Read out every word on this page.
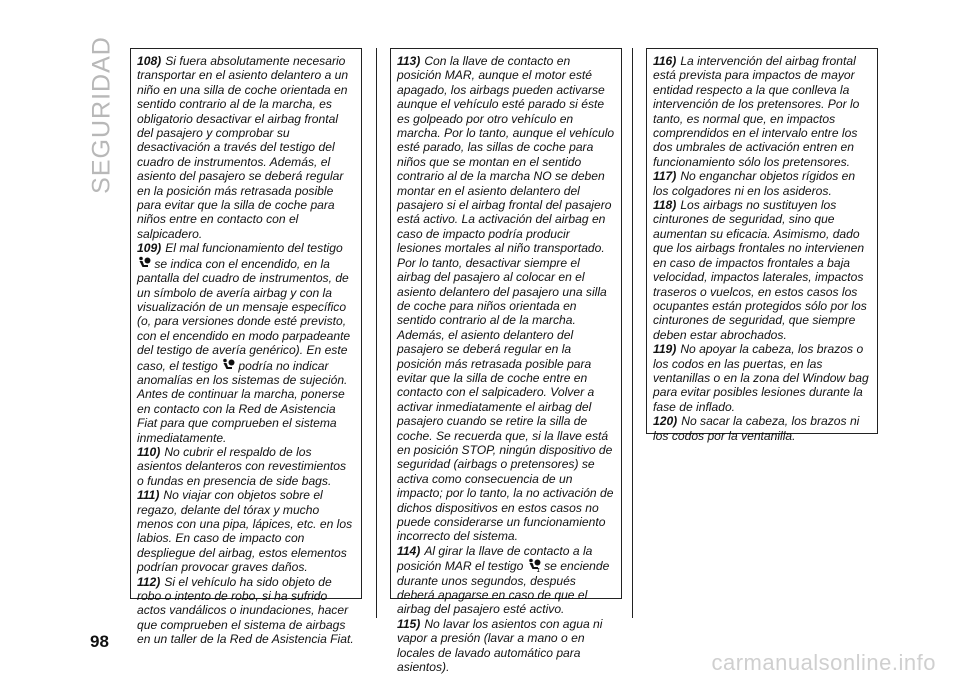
SEGURIDAD 108) Si fuera absolutamente necesario transportar en el asiento delantero a un niño en una silla de coche orientada en sentido contrario al de la marcha, es obligatorio desactivar el airbag frontal del pasajero y comprobar su desactivación a través del testigo del cuadro de instrumentos. Además, el asiento del pasajero se deberá regular en la posición más retrasada posible para evitar que la silla de coche para niños entre en contacto con el salpicadero.

109) El mal funcionamiento del testigo  se indica con el encendido, en la pantalla del cuadro de instrumentos, de un símbolo de avería airbag y con la visualización de un mensaje específico (o, para versiones donde esté previsto, con el encendido en modo parpadeante del testigo de avería genérico). En este caso, el testigo podría no indicar anomalías en los sistemas de sujeción. Antes de continuar la marcha, ponerse en contacto con la Red de Asistencia Fiat para que comprueben el sistema inmediatamente.

110) No cubrir el respaldo de los asientos delanteros con revestimientos o fundas en presencia de side bags.

111) No viajar con objetos sobre el regazo, delante del tórax y mucho menos con una pipa, lápices, etc. en los labios. En caso de impacto con despliegue del airbag, estos elementos podrían provocar graves daños.

112) Si el vehículo ha sido objeto de robo o intento de robo, si ha sufrido actos vandálicos o inundaciones, hacer que comprueben el sistema de airbags en un taller de la Red de Asistencia Fiat.

113) Con la llave de contacto en posición MAR, aunque el motor esté apagado, los airbags pueden activarse aunque el vehículo esté parado si éste es golpeado por otro vehículo en marcha. Por lo tanto, aunque el vehículo esté parado, las sillas de coche para niños que se montan en el sentido contrario al de la marcha NO se deben montar en el asiento delantero del pasajero si el airbag frontal del pasajero está activo. La activación del airbag en caso de impacto podría producir lesiones mortales al niño transportado. Por lo tanto, desactivar siempre el airbag del pasajero al colocar en el asiento delantero del pasajero una silla de coche para niños orientada en sentido contrario al de la marcha. Además, el asiento delantero del pasajero se deberá regular en la posición más retrasada posible para evitar que la silla de coche entre en contacto con el salpicadero. Volver a activar inmediatamente el airbag del pasajero cuando se retire la silla de coche. Se recuerda que, si la llave está en posición STOP, ningún dispositivo de seguridad (airbags o pretensores) se activa como consecuencia de un impacto; por lo tanto, la no activación de dichos dispositivos en estos casos no puede considerarse un funcionamiento incorrecto del sistema.

114) Al girar la llave de contacto a la posición MAR el testigo	1 se enciende durante unos segundos, después deberá apagarse en caso de que el airbag del pasajero esté activo.

115) No lavar los asientos con agua ni vapor a presión (lavar a mano o en locales de lavado automático para asientos).

116) La intervención del airbag frontal está prevista para impactos de mayor entidad respecto a la que conlleva la intervención de los pretensores. Por lo tanto, es normal que, en impactos comprendidos en el intervalo entre los dos umbrales de activación entren en funcionamiento sólo los pretensores.

117) No enganchar objetos rígidos en los colgadores ni en los asideros.

118) Los airbags no sustituyen los cinturones de seguridad, sino que aumentan su eficacia. Asimismo, dado que los airbags frontales no intervienen en caso de impactos frontales a baja velocidad, impactos laterales, impactos traseros o vuelcos, en estos casos los ocupantes están protegidos sólo por los cinturones de seguridad, que siempre deben estar abrochados.

119) No apoyar la cabeza, los brazos o los codos en las puertas, en las ventanillas o en la zona del Window bag para evitar posibles lesiones durante la fase de inflado.

120) No sacar la cabeza, los brazos ni los codos por la ventanilla.

98
carmanualsonline.info
